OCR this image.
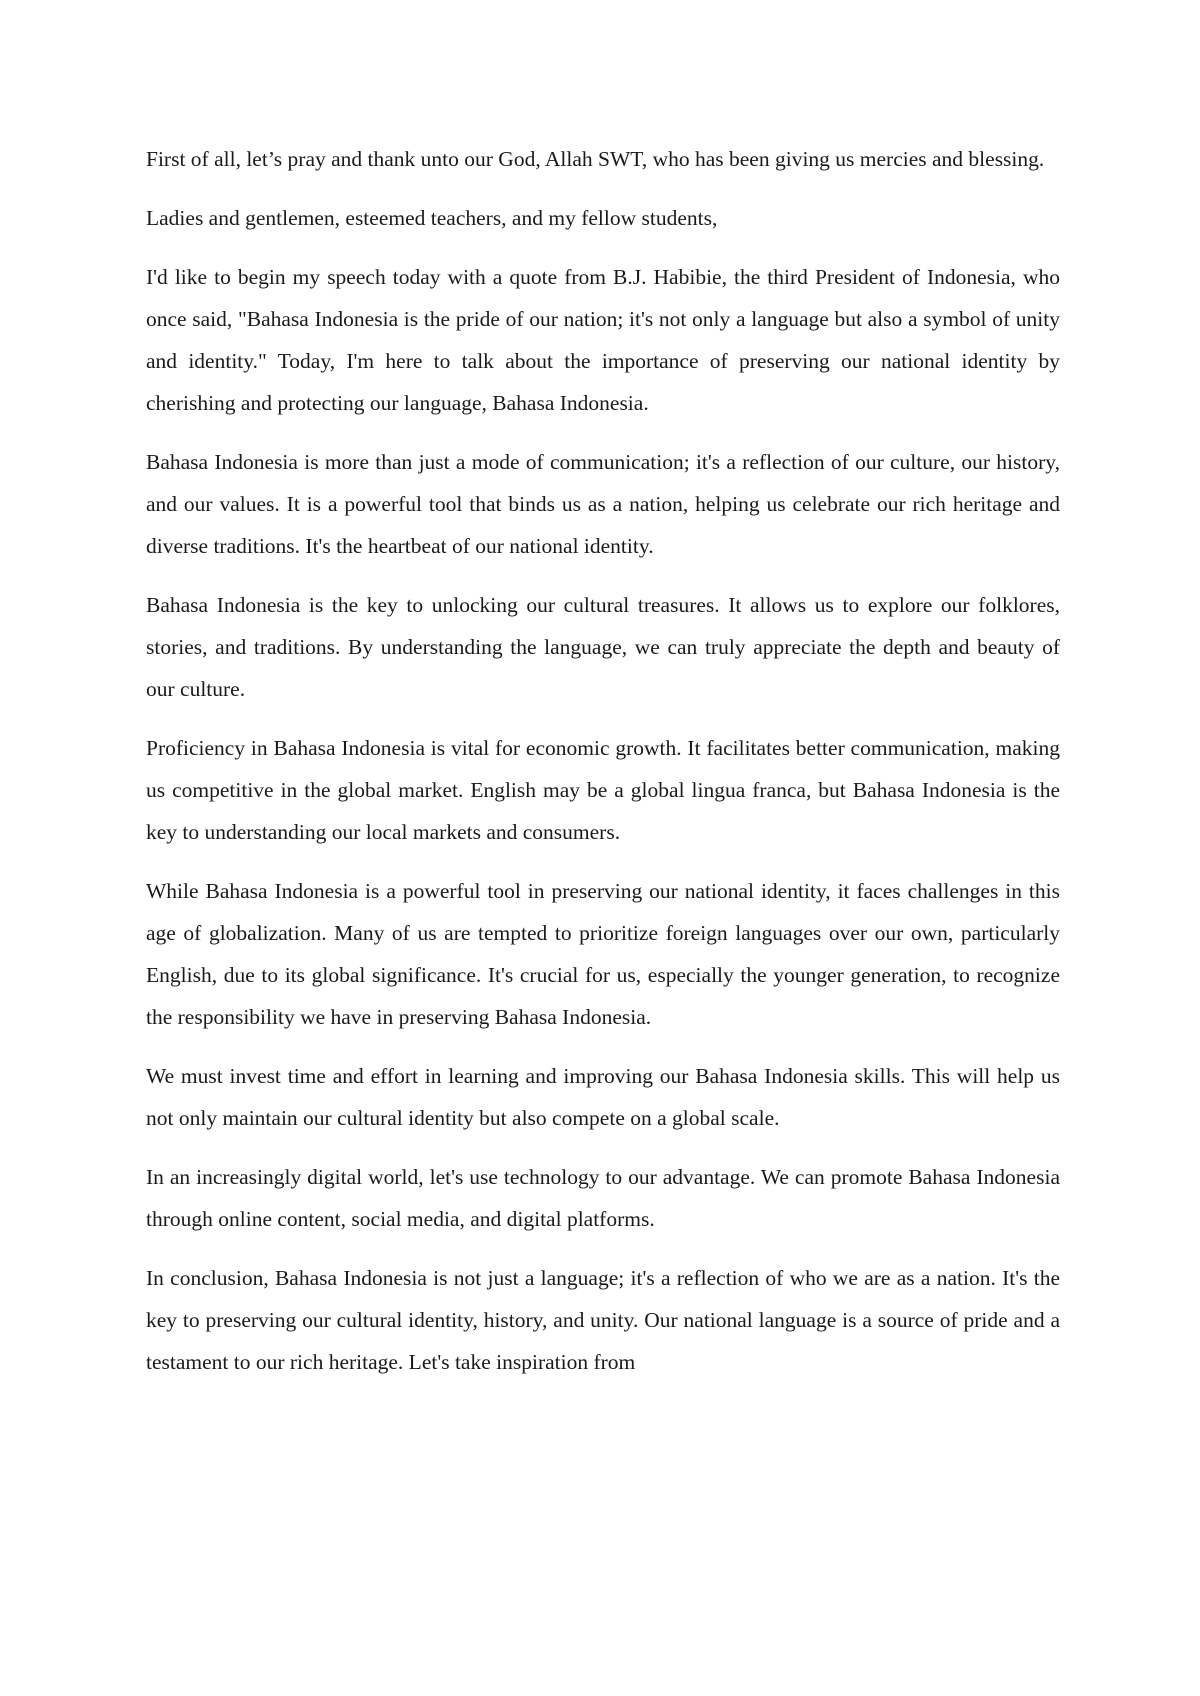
First of all, let’s pray and thank unto our God, Allah SWT, who has been giving us mercies and blessing.

Ladies and gentlemen, esteemed teachers, and my fellow students,

I'd like to begin my speech today with a quote from B.J. Habibie, the third President of Indonesia, who once said, "Bahasa Indonesia is the pride of our nation; it's not only a language but also a symbol of unity and identity." Today, I'm here to talk about the importance of preserving our national identity by cherishing and protecting our language, Bahasa Indonesia.

Bahasa Indonesia is more than just a mode of communication; it's a reflection of our culture, our history, and our values. It is a powerful tool that binds us as a nation, helping us celebrate our rich heritage and diverse traditions. It's the heartbeat of our national identity.

Bahasa Indonesia is the key to unlocking our cultural treasures. It allows us to explore our folklores, stories, and traditions. By understanding the language, we can truly appreciate the depth and beauty of our culture.

Proficiency in Bahasa Indonesia is vital for economic growth. It facilitates better communication, making us competitive in the global market. English may be a global lingua franca, but Bahasa Indonesia is the key to understanding our local markets and consumers.

While Bahasa Indonesia is a powerful tool in preserving our national identity, it faces challenges in this age of globalization. Many of us are tempted to prioritize foreign languages over our own, particularly English, due to its global significance. It's crucial for us, especially the younger generation, to recognize the responsibility we have in preserving Bahasa Indonesia.

We must invest time and effort in learning and improving our Bahasa Indonesia skills. This will help us not only maintain our cultural identity but also compete on a global scale.

In an increasingly digital world, let's use technology to our advantage. We can promote Bahasa Indonesia through online content, social media, and digital platforms.

In conclusion, Bahasa Indonesia is not just a language; it's a reflection of who we are as a nation. It's the key to preserving our cultural identity, history, and unity. Our national language is a source of pride and a testament to our rich heritage. Let's take inspiration from
